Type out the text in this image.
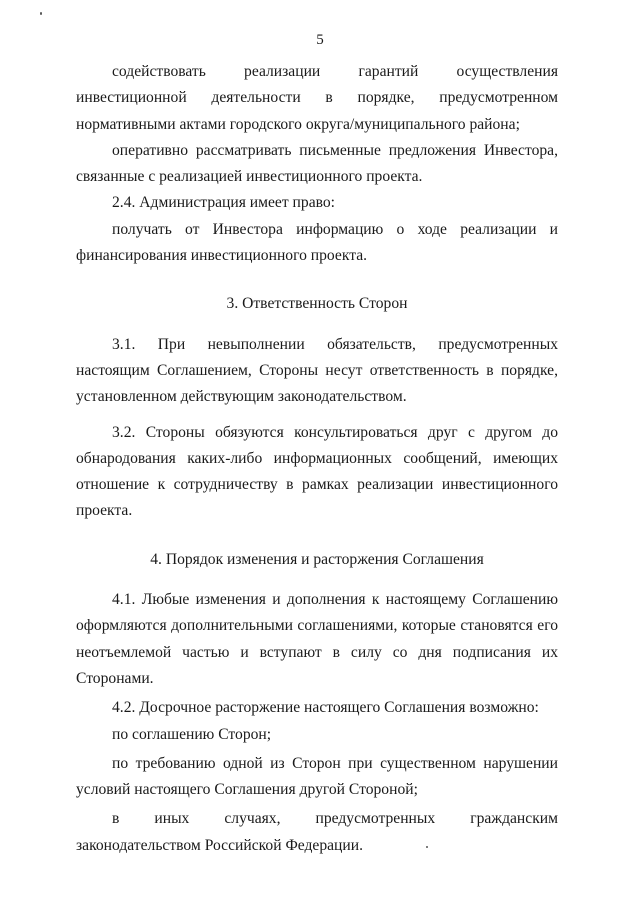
5

содействовать реализации гарантий осуществления инвестиционной деятельности в порядке, предусмотренном нормативными актами городского округа/муниципального района;

оперативно рассматривать письменные предложения Инвестора, связанные с реализацией инвестиционного проекта.

2.4. Администрация имеет право:

получать от Инвестора информацию о ходе реализации и финансирования инвестиционного проекта.

3. Ответственность Сторон

3.1. При невыполнении обязательств, предусмотренных настоящим Соглашением, Стороны несут ответственность в порядке, установленном действующим законодательством.

3.2. Стороны обязуются консультироваться друг с другом до обнародования каких-либо информационных сообщений, имеющих отношение к сотрудничеству в рамках реализации инвестиционного проекта.

4. Порядок изменения и расторжения Соглашения

4.1. Любые изменения и дополнения к настоящему Соглашению оформляются дополнительными соглашениями, которые становятся его неотъемлемой частью и вступают в силу со дня подписания их Сторонами.

4.2. Досрочное расторжение настоящего Соглашения возможно:

по соглашению Сторон;

по требованию одной из Сторон при существенном нарушении условий настоящего Соглашения другой Стороной;

в иных случаях, предусмотренных гражданским законодательством Российской Федерации.
